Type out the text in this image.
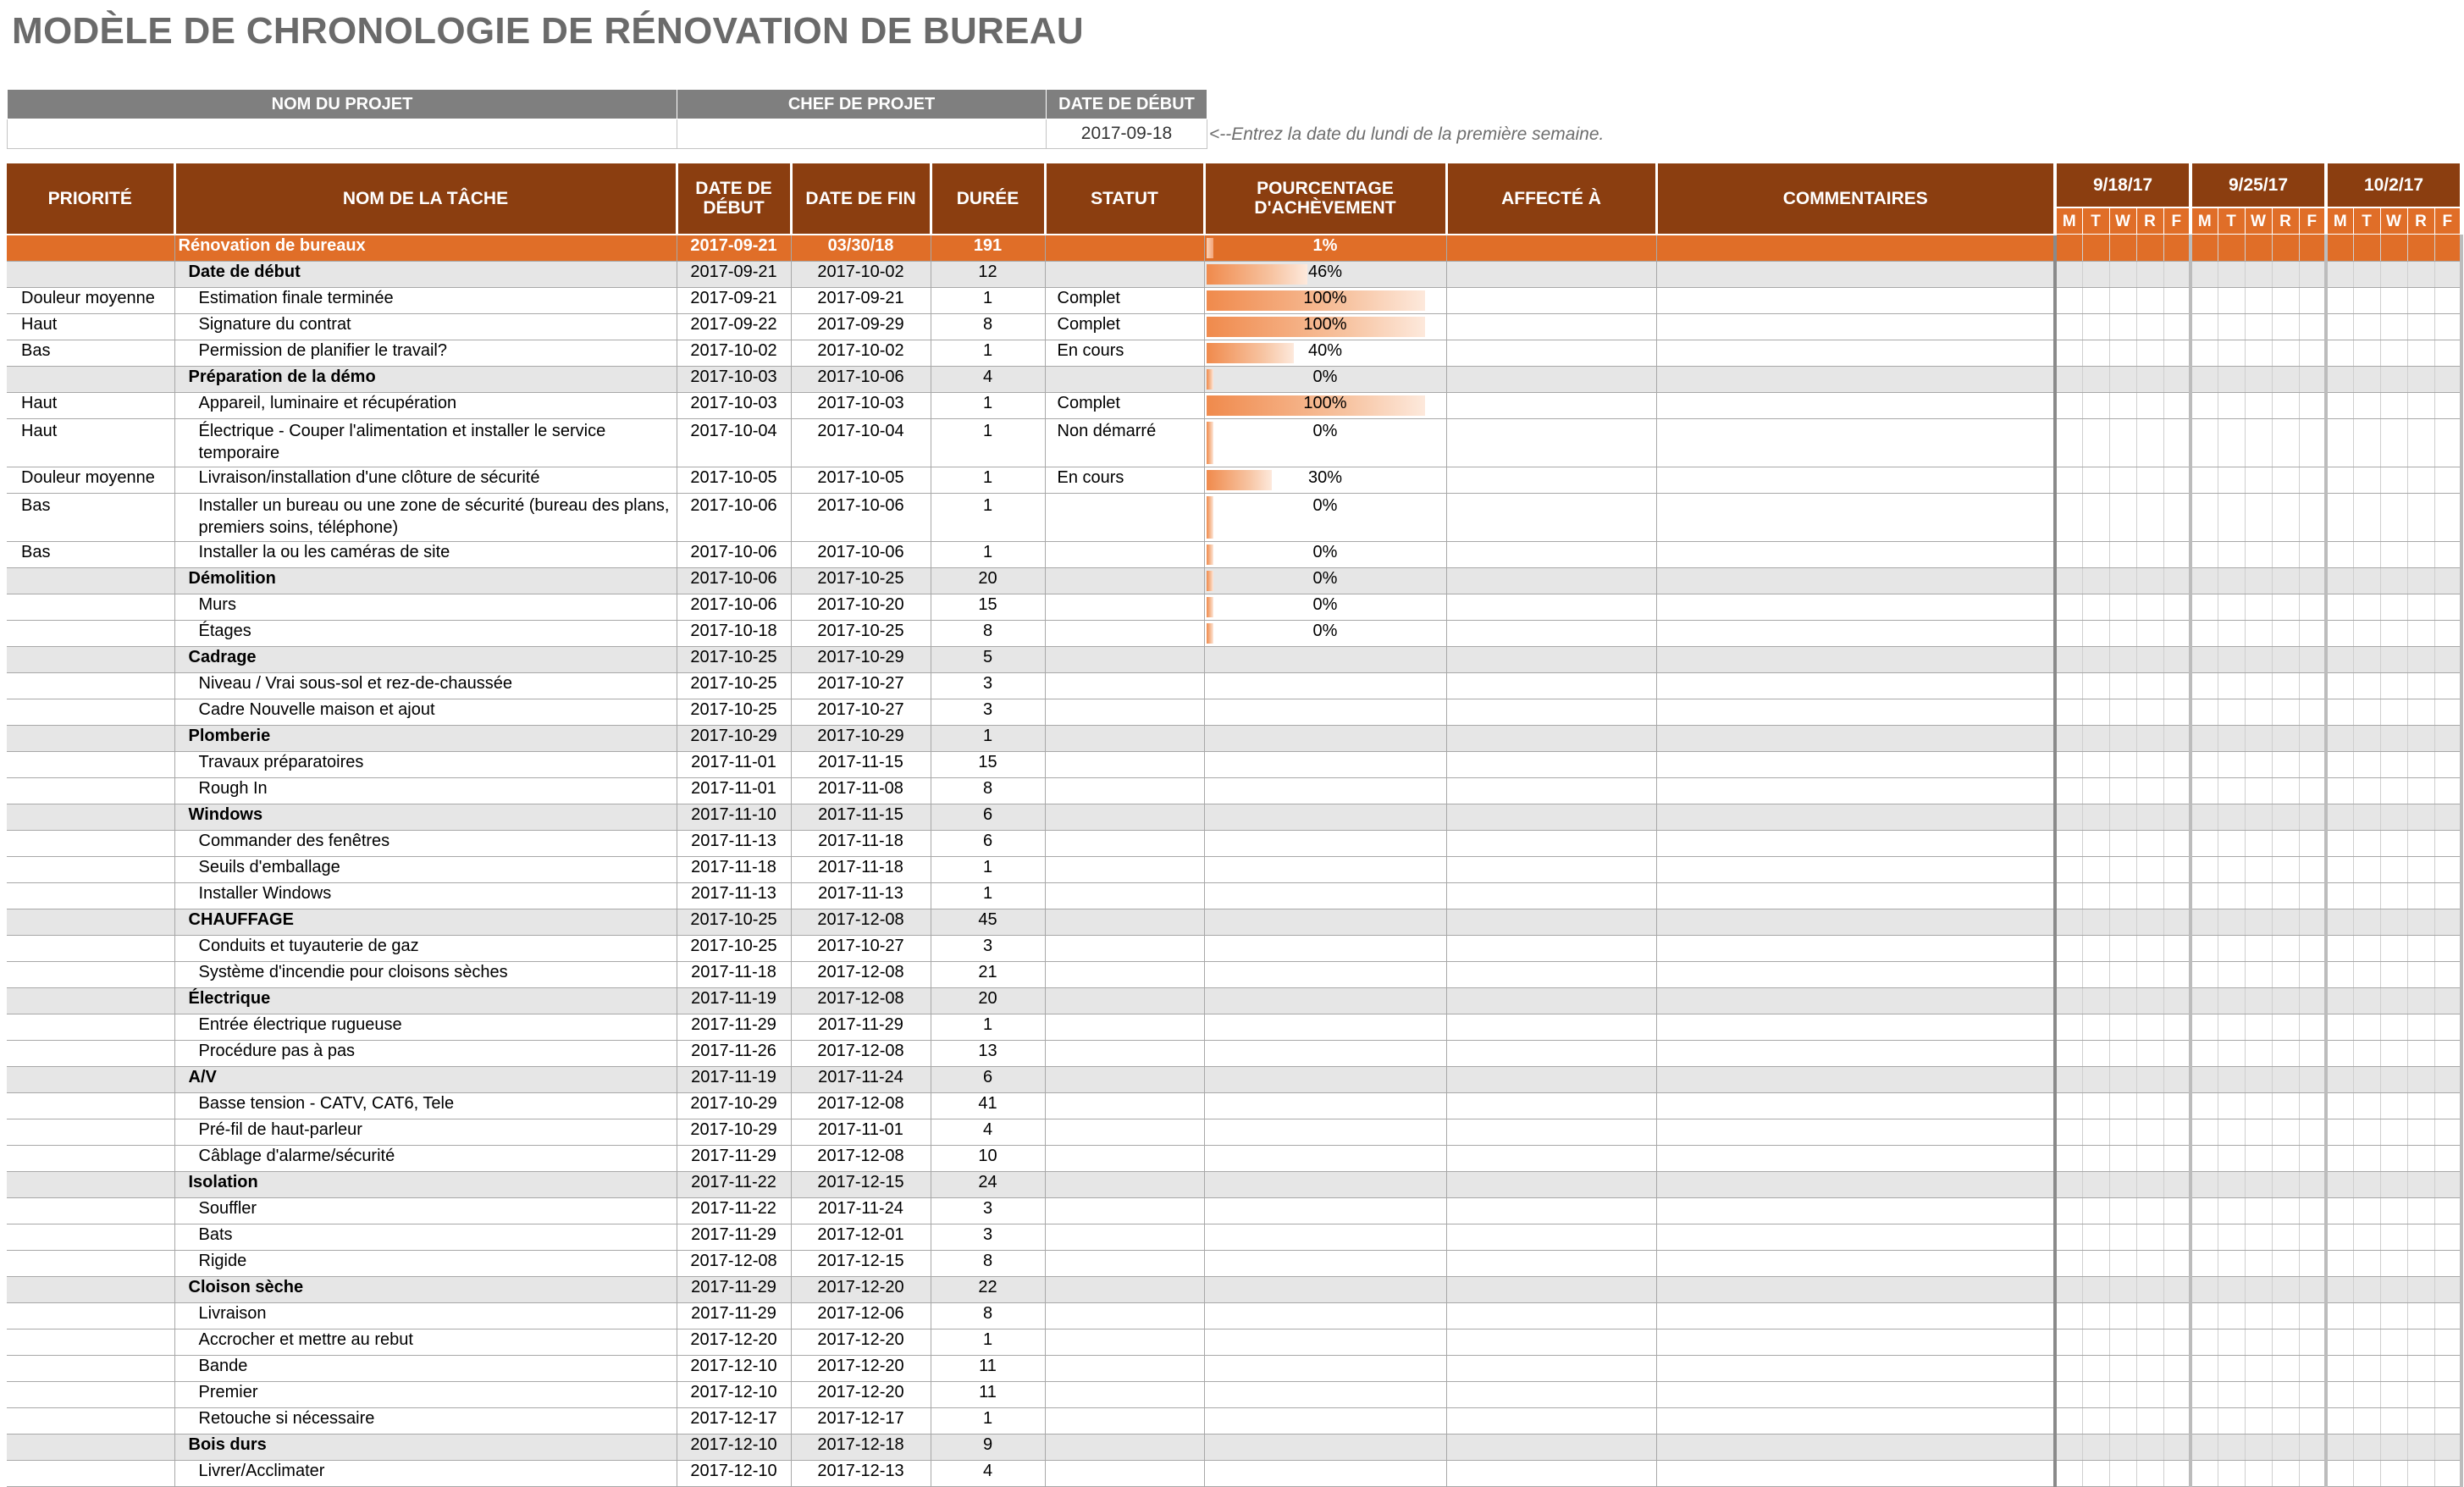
MODÈLE DE CHRONOLOGIE DE RÉNOVATION DE BUREAU
NOM DU PROJET	CHEF DE PROJET	DATE DE DÉBUT
		2017-09-18 <--Entrez la date du lundi de la première semaine.
PRIORITÉ	NOM DE LA TÂCHE	DATE DE DÉBUT	DATE DE FIN	DURÉE	STATUT	POURCENTAGE D'ACHÈVEMENT	AFFECTÉ À	COMMENTAIRES	9/18/17					9/25/17					10/2/17				
									M	T	W	R	F	M	T	W	R	F	M	T	W	R	F
	Rénovation de bureaux	2017-09-21	03/30/18	191		1%																	
	Date de début	2017-09-21	2017-10-02	12		46%																	
Douleur moyenne	Estimation finale terminée	2017-09-21	2017-09-21	1	Complet	100%																	
Haut	Signature du contrat	2017-09-22	2017-09-29	8	Complet	100%																	
Bas	Permission de planifier le travail?	2017-10-02	2017-10-02	1	En cours	40%																	
	Préparation de la démo	2017-10-03	2017-10-06	4		0%																	
Haut	Appareil, luminaire et récupération	2017-10-03	2017-10-03	1	Complet	100%																	
Haut	Électrique - Couper l'alimentation et installer le service temporaire	2017-10-04	2017-10-04	1	Non démarré	0%																	
Douleur moyenne	Livraison/installation d'une clôture de sécurité	2017-10-05	2017-10-05	1	En cours	30%																	
Bas	Installer un bureau ou une zone de sécurité (bureau des plans, premiers soins, téléphone)	2017-10-06	2017-10-06	1		0%																	
Bas	Installer la ou les caméras de site	2017-10-06	2017-10-06	1		0%																	
	Démolition	2017-10-06	2017-10-25	20		0%																	
	Murs	2017-10-06	2017-10-20	15		0%																	
	Étages	2017-10-18	2017-10-25	8		0%																	
	Cadrage	2017-10-25	2017-10-29	5																			
	Niveau / Vrai sous-sol et rez-de-chaussée	2017-10-25	2017-10-27	3																			
	Cadre Nouvelle maison et ajout	2017-10-25	2017-10-27	3																			
	Plomberie	2017-10-29	2017-10-29	1																			
	Travaux préparatoires	2017-11-01	2017-11-15	15																			
	Rough In	2017-11-01	2017-11-08	8																			
	Windows	2017-11-10	2017-11-15	6																			
	Commander des fenêtres	2017-11-13	2017-11-18	6																			
	Seuils d'emballage	2017-11-18	2017-11-18	1																			
	Installer Windows	2017-11-13	2017-11-13	1																			
	CHAUFFAGE	2017-10-25	2017-12-08	45																			
	Conduits et tuyauterie de gaz	2017-10-25	2017-10-27	3																			
	Système d'incendie pour cloisons sèches	2017-11-18	2017-12-08	21																			
	Électrique	2017-11-19	2017-12-08	20																			
	Entrée électrique rugueuse	2017-11-29	2017-11-29	1																			
	Procédure pas à pas	2017-11-26	2017-12-08	13																			
	A/V	2017-11-19	2017-11-24	6																			
	Basse tension - CATV, CAT6, Tele	2017-10-29	2017-12-08	41																			
	Pré-fil de haut-parleur	2017-10-29	2017-11-01	4																			
	Câblage d'alarme/sécurité	2017-11-29	2017-12-08	10																			
	Isolation	2017-11-22	2017-12-15	24																			
	Souffler	2017-11-22	2017-11-24	3																			
	Bats	2017-11-29	2017-12-01	3																			
	Rigide	2017-12-08	2017-12-15	8																			
	Cloison sèche	2017-11-29	2017-12-20	22																			
	Livraison	2017-11-29	2017-12-06	8																			
	Accrocher et mettre au rebut	2017-12-20	2017-12-20	1																			
	Bande	2017-12-10	2017-12-20	11																			
	Premier	2017-12-10	2017-12-20	11																			
	Retouche si nécessaire	2017-12-17	2017-12-17	1																			
	Bois durs	2017-12-10	2017-12-18	9																			
	Livrer/Acclimater	2017-12-10	2017-12-13	4																			
